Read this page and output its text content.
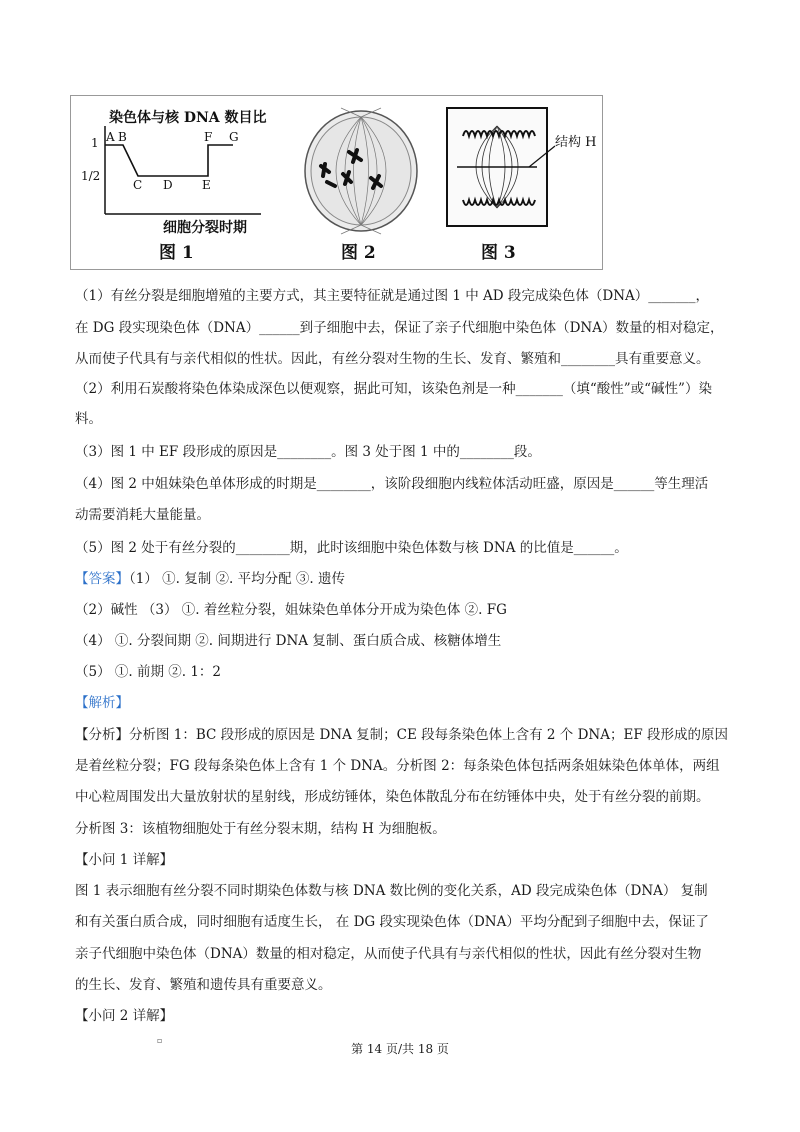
染色体与核 DNA 数目比
1
1/2
A B
C D E
F G
细胞分裂时期
图 1	图 2
结构 H
图 3
（1）有丝分裂是细胞增殖的主要方式，其主要特征就是通过图 1 中 AD 段完成染色体（DNA）_______，
在 DG 段实现染色体（DNA）______到子细胞中去，保证了亲子代细胞中染色体（DNA）数量的相对稳定，
从而使子代具有与亲代相似的性状。因此，有丝分裂对生物的生长、发育、繁殖和________具有重要意义。
（2）利用石炭酸将染色体染成深色以便观察，据此可知，该染色剂是一种_______（填“酸性”或“碱性”）染
料。
（3）图 1 中 EF 段形成的原因是________。图 3 处于图 1 中的________段。
（4）图 2 中姐妹染色单体形成的时期是________，该阶段细胞内线粒体活动旺盛，原因是______等生理活
动需要消耗大量能量。
（5）图 2 处于有丝分裂的________期，此时该细胞中染色体数与核 DNA 的比值是______。
【答案】（1） ①. 复制 ②. 平均分配 ③. 遗传
（2）碱性 （3） ①. 着丝粒分裂，姐妹染色单体分开成为染色体 ②. FG
（4） ①. 分裂间期 ②. 间期进行 DNA 复制、蛋白质合成、核糖体增生
（5） ①. 前期 ②. 1：2
【解析】
【分析】分析图 1：BC 段形成的原因是 DNA 复制；CE 段每条染色体上含有 2 个 DNA；EF 段形成的原因
是着丝粒分裂；FG 段每条染色体上含有 1 个 DNA。分析图 2：每条染色体包括两条姐妹染色体单体，两组
中心粒周围发出大量放射状的星射线，形成纺锤体，染色体散乱分布在纺锤体中央，处于有丝分裂的前期。
分析图 3：该植物细胞处于有丝分裂末期，结构 H 为细胞板。
【小问 1 详解】
图 1 表示细胞有丝分裂不同时期染色体数与核 DNA 数比例的变化关系，AD 段完成染色体（DNA） 复制
和有关蛋白质合成，同时细胞有适度生长， 在 DG 段实现染色体（DNA）平均分配到子细胞中去，保证了
亲子代细胞中染色体（DNA）数量的相对稳定，从而使子代具有与亲代相似的性状，因此有丝分裂对生物
的生长、发育、繁殖和遗传具有重要意义。
【小问 2 详解】
▫
第 14 页/共 18 页
